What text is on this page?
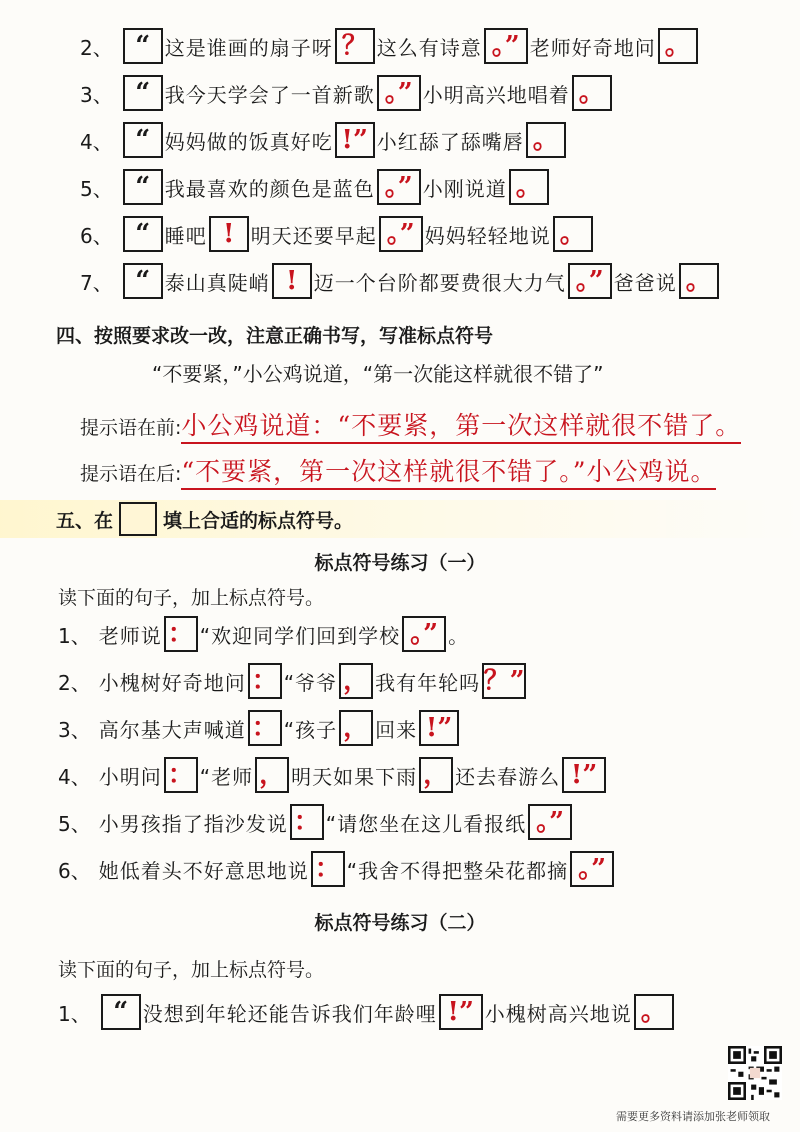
2、 “ 这是谁画的扇子呀 ？ 这么有诗意 。” 老师好奇地问 。
3、 “ 我今天学会了一首新歌 。” 小明高兴地唱着 。
4、 “ 妈妈做的饭真好吃 !” 小红舔了舔嘴唇 。
5、 “ 我最喜欢的颜色是蓝色 。” 小刚说道 。
6、 “ 睡吧 ! 明天还要早起 。” 妈妈轻轻地说 。
7、 “ 泰山真陡峭 ! 迈一个台阶都要费很大力气 。” 爸爸说 。
四、按照要求改一改，注意正确书写，写准标点符号
“不要紧，”小公鸡说道，“第一次能这样就很不错了”
提示语在前:小公鸡说道：“不要紧，第一次这样就很不错了。
提示语在后:“不要紧，第一次这样就很不错了。”小公鸡说。
五、在	填上合适的标点符号。
标点符号练习（一）
读下面的句子，加上标点符号。
1、 老师说 ： “欢迎同学们回到学校 。” 。
2、 小槐树好奇地问 ： “爷爷 ， 我有年轮吗 ？”
3、 高尔基大声喊道 ： “孩子 ， 回来 !”
4、 小明问 ： “老师 ， 明天如果下雨 ， 还去春游么 !”
5、 小男孩指了指沙发说 ： “请您坐在这儿看报纸 。”
6、 她低着头不好意思地说 ： “我舍不得把整朵花都摘 。”
标点符号练习（二）
读下面的句子，加上标点符号。
1、 “ 没想到年轮还能告诉我们年龄哩 !” 小槐树高兴地说 。
需要更多资料请添加张老师领取
